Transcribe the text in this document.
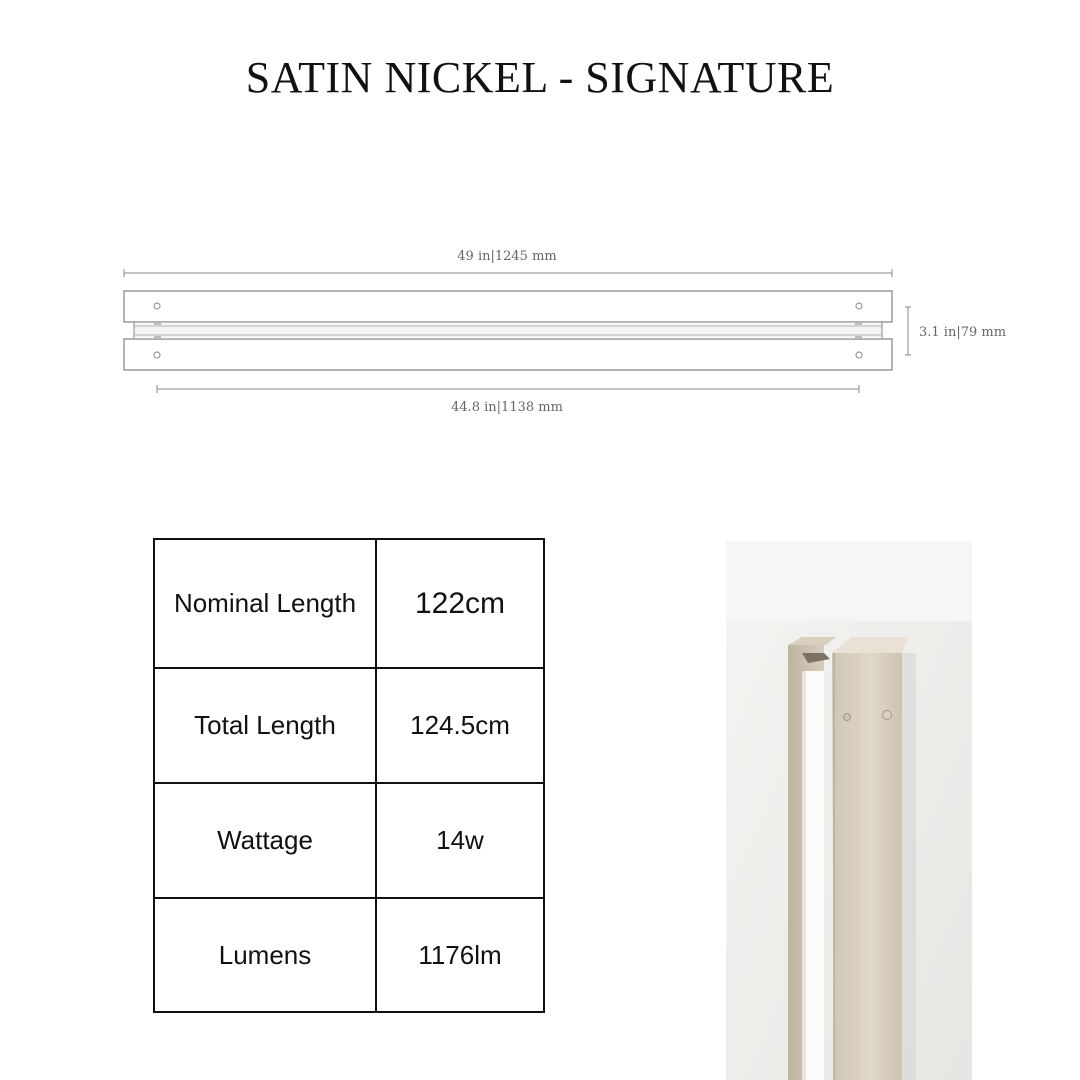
SATIN NICKEL - SIGNATURE
49 in|1245 mm
3.1 in|79 mm
44.8 in|1138 mm
Nominal Length	122cm
Total Length	124.5cm
Wattage	14w
Lumens	1176lm
